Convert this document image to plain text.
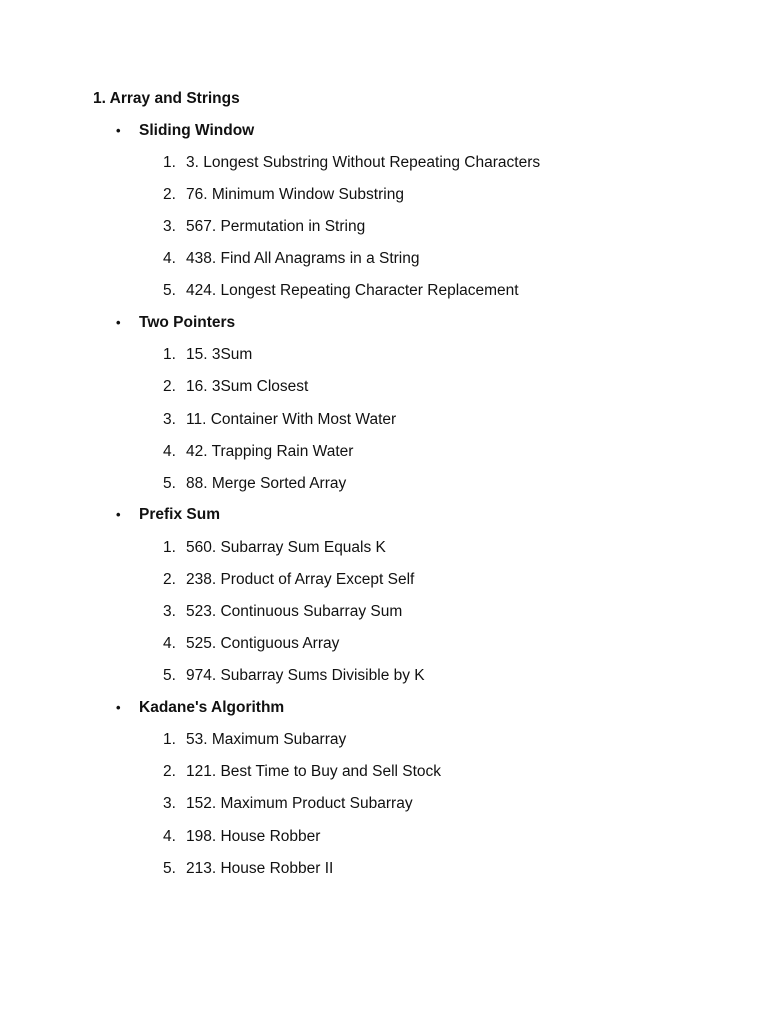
1. Array and Strings
• Sliding Window
1. 3. Longest Substring Without Repeating Characters
2. 76. Minimum Window Substring
3. 567. Permutation in String
4. 438. Find All Anagrams in a String
5. 424. Longest Repeating Character Replacement
• Two Pointers
1. 15. 3Sum
2. 16. 3Sum Closest
3. 11. Container With Most Water
4. 42. Trapping Rain Water
5. 88. Merge Sorted Array
• Prefix Sum
1. 560. Subarray Sum Equals K
2. 238. Product of Array Except Self
3. 523. Continuous Subarray Sum
4. 525. Contiguous Array
5. 974. Subarray Sums Divisible by K
• Kadane's Algorithm
1. 53. Maximum Subarray
2. 121. Best Time to Buy and Sell Stock
3. 152. Maximum Product Subarray
4. 198. House Robber
5. 213. House Robber II
